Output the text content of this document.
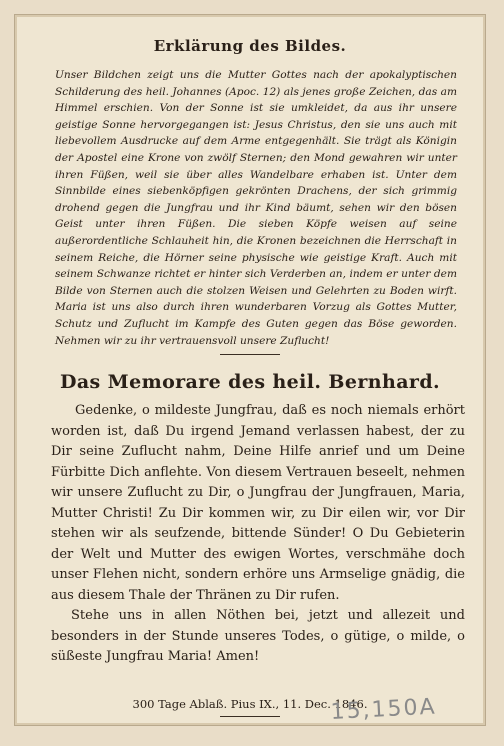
Erklärung des Bildes.

Unser Bildchen zeigt uns die Mutter Gottes nach der apokalyptischen Schilderung des heil. Johannes (Apoc. 12) als jenes große Zeichen, das am Himmel erschien. Von der Sonne ist sie umkleidet, da aus ihr unsere geistige Sonne hervorgegangen ist: Jesus Christus, den sie uns auch mit liebevollem Ausdrucke auf dem Arme entgegenhält. Sie trägt als Königin der Apostel eine Krone von zwölf Sternen; den Mond gewahren wir unter ihren Füßen, weil sie über alles Wandelbare erhaben ist. Unter dem Sinnbilde eines siebenköpfigen gekrönten Drachens, der sich grimmig drohend gegen die Jungfrau und ihr Kind bäumt, sehen wir den bösen Geist unter ihren Füßen. Die sieben Köpfe weisen auf seine außerordentliche Schlauheit hin, die Kronen bezeichnen die Herrschaft in seinem Reiche, die Hörner seine physische wie geistige Kraft. Auch mit seinem Schwanze richtet er hinter sich Verderben an, indem er unter dem Bilde von Sternen auch die stolzen Weisen und Gelehrten zu Boden wirft. Maria ist uns also durch ihren wunderbaren Vorzug als Gottes Mutter, Schutz und Zuflucht im Kampfe des Guten gegen das Böse geworden. Nehmen wir zu ihr vertrauensvoll unsere Zuflucht!

Das Memorare des heil. Bernhard.

Gedenke, o mildeste Jungfrau, daß es noch niemals erhört worden ist, daß Du irgend Jemand verlassen habest, der zu Dir seine Zuflucht nahm, Deine Hilfe anrief und um Deine Fürbitte Dich anflehte. Von diesem Vertrauen beseelt, nehmen wir unsere Zuflucht zu Dir, o Jungfrau der Jungfrauen, Maria, Mutter Christi! Zu Dir kommen wir, zu Dir eilen wir, vor Dir stehen wir als seufzende, bittende Sünder! O Du Gebieterin der Welt und Mutter des ewigen Wortes, verschmähe doch unser Flehen nicht, sondern erhöre uns Armselige gnädig, die aus diesem Thale der Thränen zu Dir rufen.

Stehe uns in allen Nöthen bei, jetzt und allezeit und besonders in der Stunde unseres Todes, o gütige, o milde, o süßeste Jungfrau Maria! Amen!

300 Tage Ablaß. Pius IX., 11. Dec. 1846.
15,150A
